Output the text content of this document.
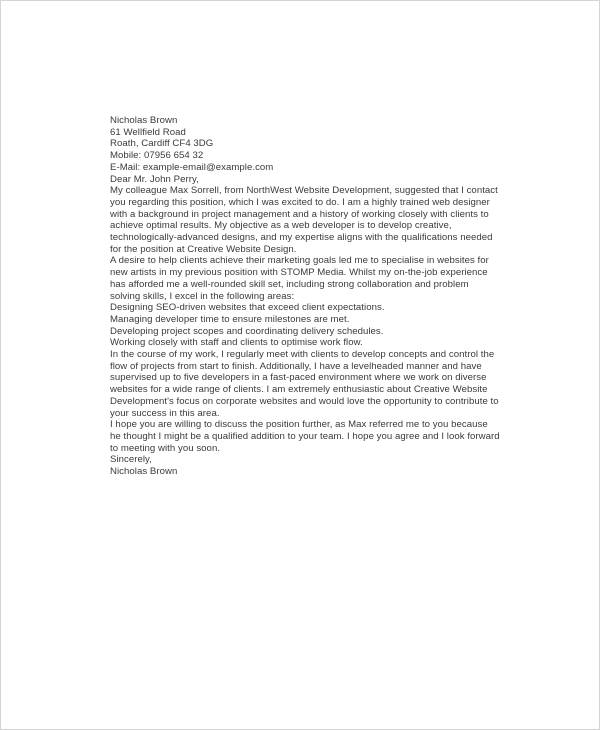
Nicholas Brown
61 Wellfield Road
Roath, Cardiff CF4 3DG
Mobile: 07956 654 32
E-Mail: example-email@example.com
Dear Mr. John Perry,
My colleague Max Sorrell, from NorthWest Website Development, suggested that I contact
you regarding this position, which I was excited to do. I am a highly trained web designer
with a background in project management and a history of working closely with clients to
achieve optimal results. My objective as a web developer is to develop creative,
technologically-advanced designs, and my expertise aligns with the qualifications needed
for the position at Creative Website Design.
A desire to help clients achieve their marketing goals led me to specialise in websites for
new artists in my previous position with STOMP Media. Whilst my on-the-job experience
has afforded me a well-rounded skill set, including strong collaboration and problem
solving skills, I excel in the following areas:
Designing SEO-driven websites that exceed client expectations.
Managing developer time to ensure milestones are met.
Developing project scopes and coordinating delivery schedules.
Working closely with staff and clients to optimise work flow.
In the course of my work, I regularly meet with clients to develop concepts and control the
flow of projects from start to finish. Additionally, I have a levelheaded manner and have
supervised up to five developers in a fast-paced environment where we work on diverse
websites for a wide range of clients. I am extremely enthusiastic about Creative Website
Development's focus on corporate websites and would love the opportunity to contribute to
your success in this area.
I hope you are willing to discuss the position further, as Max referred me to you because
he thought I might be a qualified addition to your team. I hope you agree and I look forward
to meeting with you soon.
Sincerely,
Nicholas Brown
